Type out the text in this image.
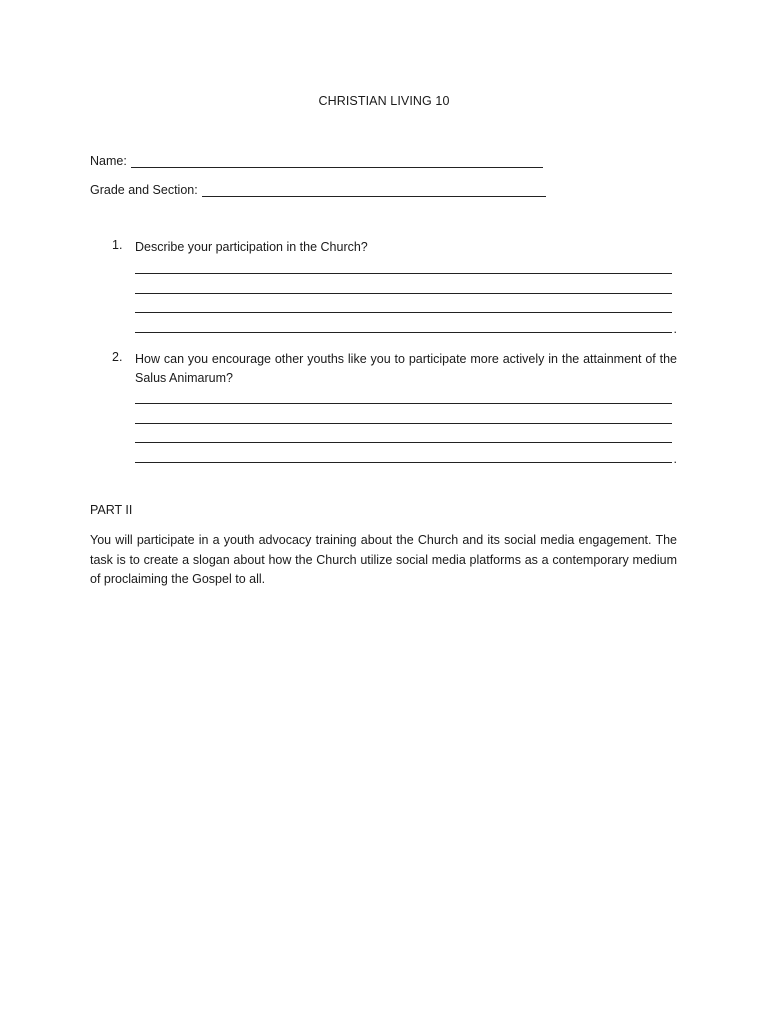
CHRISTIAN LIVING 10
Name:
Grade and Section:
1. Describe your participation in the Church?
.
2. How can you encourage other youths like you to participate more actively in the attainment of the Salus Animarum?
.
PART II
You will participate in a youth advocacy training about the Church and its social media engagement. The task is to create a slogan about how the Church utilize social media platforms as a contemporary medium of proclaiming the Gospel to all.
